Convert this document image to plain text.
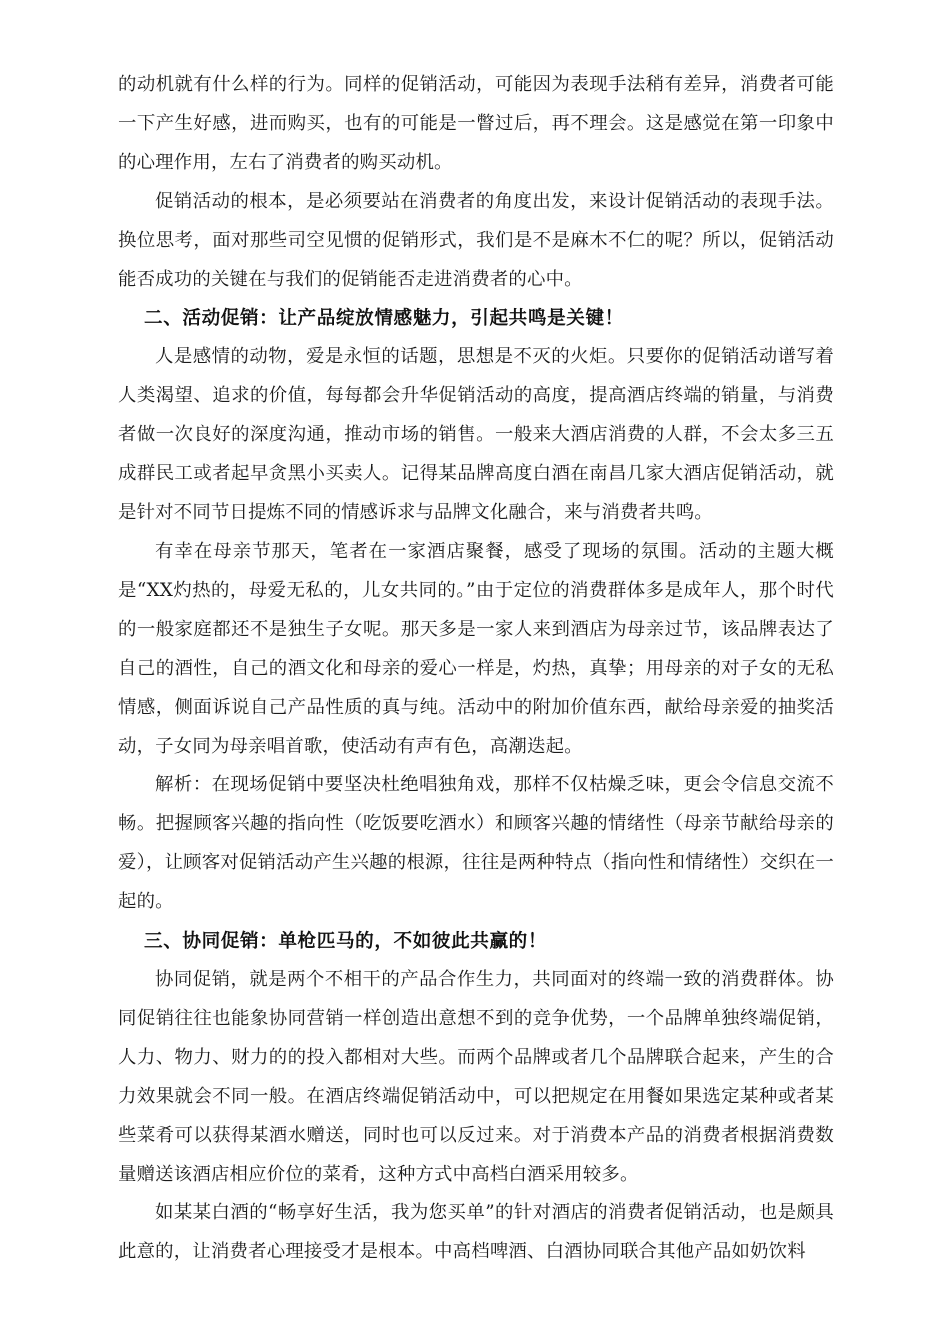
的动机就有什么样的行为。同样的促销活动，可能因为表现手法稍有差异，消费者可能一下产生好感，进而购买，也有的可能是一瞥过后，再不理会。这是感觉在第一印象中的心理作用，左右了消费者的购买动机。

促销活动的根本，是必须要站在消费者的角度出发，来设计促销活动的表现手法。换位思考，面对那些司空见惯的促销形式，我们是不是麻木不仁的呢？所以，促销活动能否成功的关键在与我们的促销能否走进消费者的心中。

二、活动促销：让产品绽放情感魅力，引起共鸣是关键！

人是感情的动物，爱是永恒的话题，思想是不灭的火炬。只要你的促销活动谱写着人类渴望、追求的价值，每每都会升华促销活动的高度，提高酒店终端的销量，与消费者做一次良好的深度沟通，推动市场的销售。一般来大酒店消费的人群，不会太多三五成群民工或者起早贪黑小买卖人。记得某品牌高度白酒在南昌几家大酒店促销活动，就是针对不同节日提炼不同的情感诉求与品牌文化融合，来与消费者共鸣。

有幸在母亲节那天，笔者在一家酒店聚餐，感受了现场的氛围。活动的主题大概是“XX灼热的，母爱无私的，儿女共同的。”由于定位的消费群体多是成年人，那个时代的一般家庭都还不是独生子女呢。那天多是一家人来到酒店为母亲过节，该品牌表达了自己的酒性，自己的酒文化和母亲的爱心一样是，灼热，真挚；用母亲的对子女的无私情感，侧面诉说自己产品性质的真与纯。活动中的附加价值东西，献给母亲爱的抽奖活动，子女同为母亲唱首歌，使活动有声有色，高潮迭起。

解析：在现场促销中要坚决杜绝唱独角戏，那样不仅枯燥乏味，更会令信息交流不畅。把握顾客兴趣的指向性（吃饭要吃酒水）和顾客兴趣的情绪性（母亲节献给母亲的爱），让顾客对促销活动产生兴趣的根源，往往是两种特点（指向性和情绪性）交织在一起的。

三、协同促销：单枪匹马的，不如彼此共赢的！

协同促销，就是两个不相干的产品合作生力，共同面对的终端一致的消费群体。协同促销往往也能象协同营销一样创造出意想不到的竞争优势，一个品牌单独终端促销，人力、物力、财力的的投入都相对大些。而两个品牌或者几个品牌联合起来，产生的合力效果就会不同一般。在酒店终端促销活动中，可以把规定在用餐如果选定某种或者某些菜肴可以获得某酒水赠送，同时也可以反过来。对于消费本产品的消费者根据消费数量赠送该酒店相应价位的菜肴，这种方式中高档白酒采用较多。

如某某白酒的“畅享好生活，我为您买单”的针对酒店的消费者促销活动，也是颇具此意的，让消费者心理接受才是根本。中高档啤酒、白酒协同联合其他产品如奶饮料
